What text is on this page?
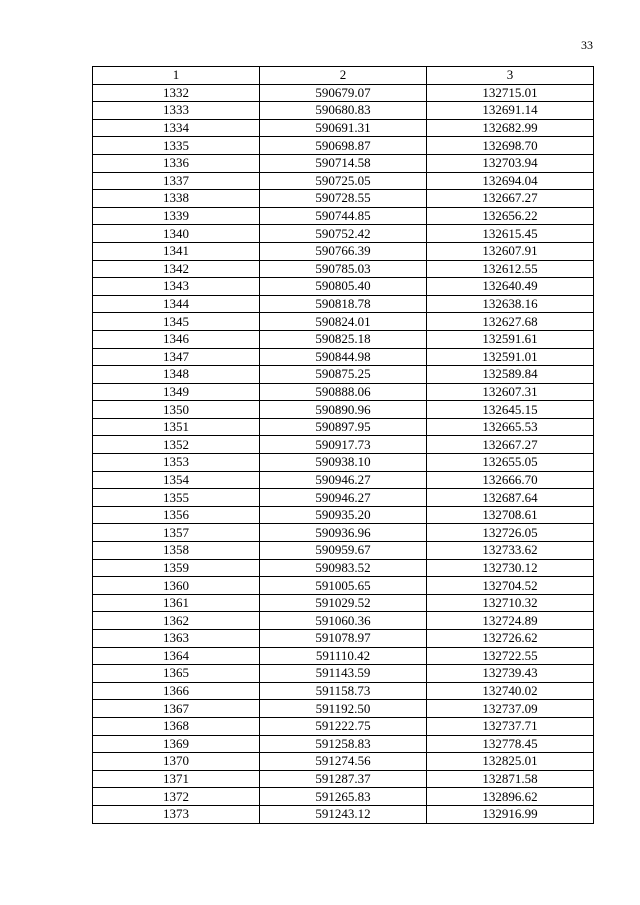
33
1	2	3
1332	590679.07	132715.01
1333	590680.83	132691.14
1334	590691.31	132682.99
1335	590698.87	132698.70
1336	590714.58	132703.94
1337	590725.05	132694.04
1338	590728.55	132667.27
1339	590744.85	132656.22
1340	590752.42	132615.45
1341	590766.39	132607.91
1342	590785.03	132612.55
1343	590805.40	132640.49
1344	590818.78	132638.16
1345	590824.01	132627.68
1346	590825.18	132591.61
1347	590844.98	132591.01
1348	590875.25	132589.84
1349	590888.06	132607.31
1350	590890.96	132645.15
1351	590897.95	132665.53
1352	590917.73	132667.27
1353	590938.10	132655.05
1354	590946.27	132666.70
1355	590946.27	132687.64
1356	590935.20	132708.61
1357	590936.96	132726.05
1358	590959.67	132733.62
1359	590983.52	132730.12
1360	591005.65	132704.52
1361	591029.52	132710.32
1362	591060.36	132724.89
1363	591078.97	132726.62
1364	591110.42	132722.55
1365	591143.59	132739.43
1366	591158.73	132740.02
1367	591192.50	132737.09
1368	591222.75	132737.71
1369	591258.83	132778.45
1370	591274.56	132825.01
1371	591287.37	132871.58
1372	591265.83	132896.62
1373	591243.12	132916.99
